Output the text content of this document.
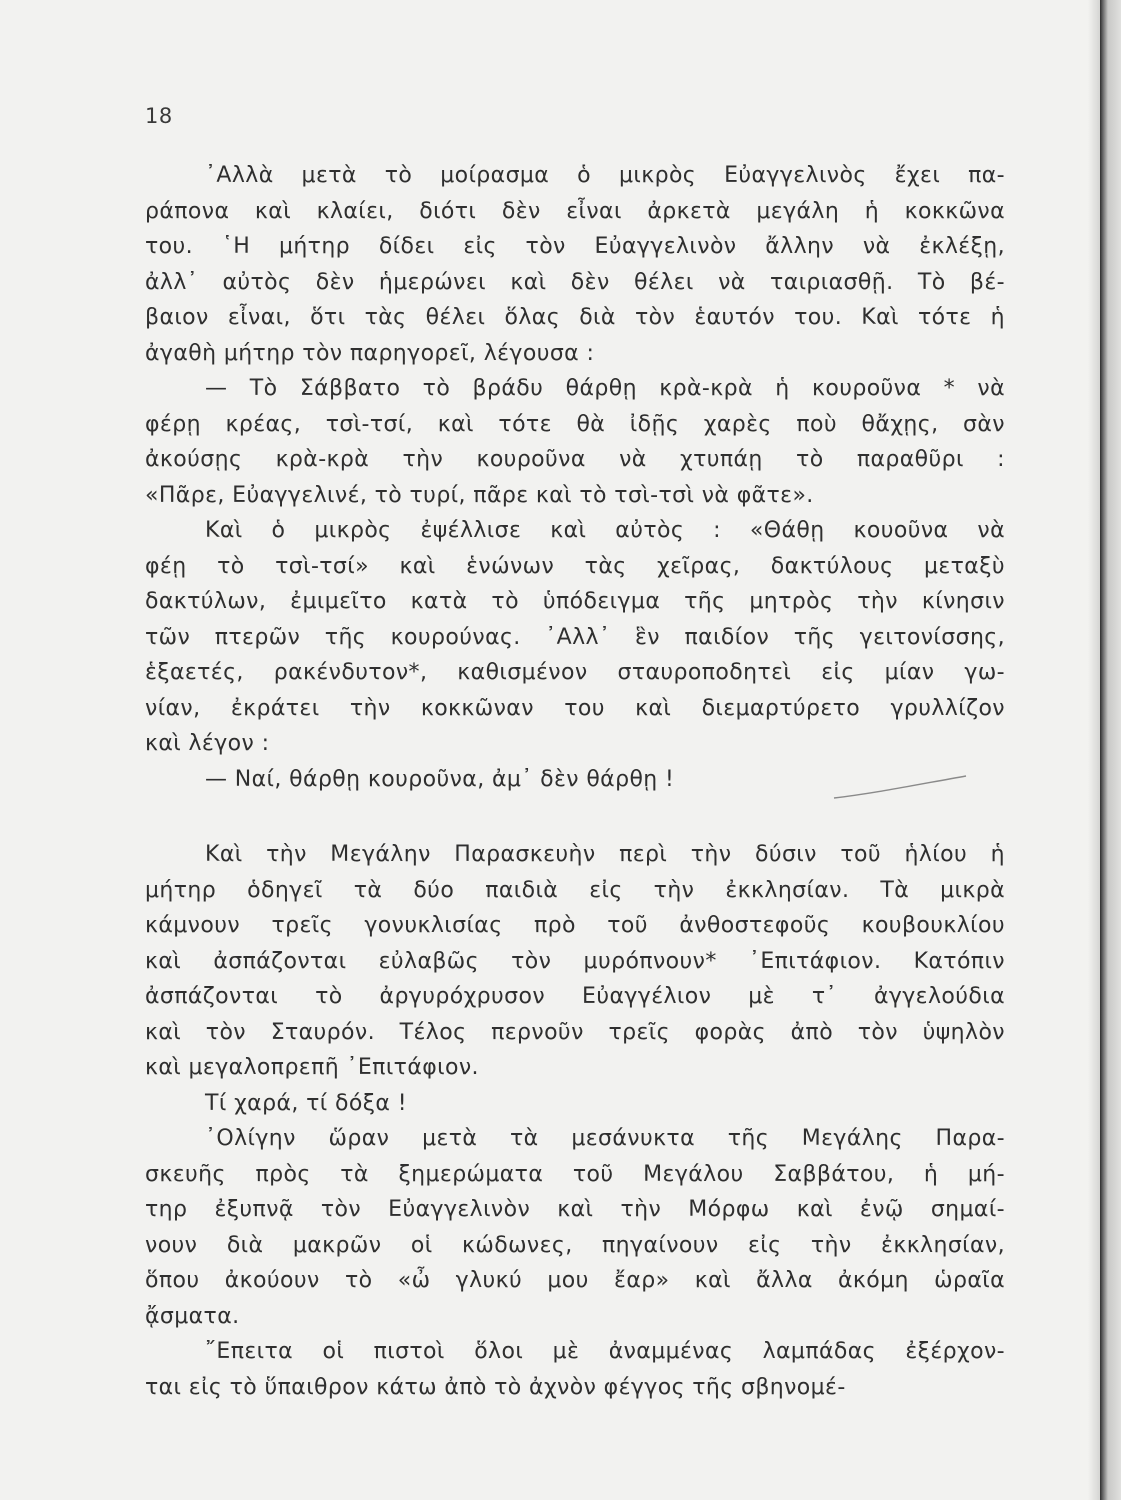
18
᾿Αλλὰ μετὰ τὸ μοίρασμα ὁ μικρὸς Εὐαγγελινὸς ἔχει πα-
ράπονα καὶ κλαίει, διότι δὲν εἶναι ἀρκετὰ μεγάλη ἡ κοκκῶνα
του. ῾Η μήτηρ δίδει εἰς τὸν Εὐαγγελινὸν ἄλλην νὰ ἐκλέξῃ,
ἀλλ᾿ αὐτὸς δὲν ἡμερώνει καὶ δὲν θέλει νὰ ταιριασθῇ. Τὸ βέ-
βαιον εἶναι, ὅτι τὰς θέλει ὅλας διὰ τὸν ἑαυτόν του. Καὶ τότε ἡ
ἀγαθὴ μήτηρ τὸν παρηγορεῖ, λέγουσα :
— Τὸ Σάββατο τὸ βράδυ θάρθῃ κρὰ-κρὰ ἡ κουροῦνα * νὰ
φέρῃ κρέας, τσὶ-τσί, καὶ τότε θὰ ἰδῇς χαρὲς ποὺ θἄχῃς, σὰν
ἀκούσῃς κρὰ-κρὰ τὴν κουροῦνα νὰ χτυπάῃ τὸ παραθῦρι :
«Πᾶρε, Εὐαγγελινέ, τὸ τυρί, πᾶρε καὶ τὸ τσὶ-τσὶ νὰ φᾶτε».
Καὶ ὁ μικρὸς ἐψέλλισε καὶ αὐτὸς : «Θάθῃ κουοῦνα νὰ
φέῃ τὸ τσὶ-τσί» καὶ ἑνώνων τὰς χεῖρας, δακτύλους μεταξὺ
δακτύλων, ἐμιμεῖτο κατὰ τὸ ὑπόδειγμα τῆς μητρὸς τὴν κίνησιν
τῶν πτερῶν τῆς κουρούνας. ᾿Αλλ᾿ ἓν παιδίον τῆς γειτονίσσης,
ἑξαετές, ρακένδυτον*, καθισμένον σταυροποδητεὶ εἰς μίαν γω-
νίαν, ἐκράτει τὴν κοκκῶναν του καὶ διεμαρτύρετο γρυλλίζον
καὶ λέγον :
— Ναί, θάρθῃ κουροῦνα, ἀμ᾿ δὲν θάρθῃ !
Καὶ τὴν Μεγάλην Παρασκευὴν περὶ τὴν δύσιν τοῦ ἡλίου ἡ
μήτηρ ὁδηγεῖ τὰ δύο παιδιὰ εἰς τὴν ἐκκλησίαν. Τὰ μικρὰ
κάμνουν τρεῖς γονυκλισίας πρὸ τοῦ ἀνθοστεφοῦς κουβουκλίου
καὶ ἀσπάζονται εὐλαβῶς τὸν μυρόπνουν* ᾿Επιτάφιον. Κατόπιν
ἀσπάζονται τὸ ἀργυρόχρυσον Εὐαγγέλιον μὲ τ᾿ ἀγγελούδια
καὶ τὸν Σταυρόν. Τέλος περνοῦν τρεῖς φορὰς ἀπὸ τὸν ὑψηλὸν
καὶ μεγαλοπρεπῆ ᾿Επιτάφιον.
Τί χαρά, τί δόξα !
᾿Ολίγην ὥραν μετὰ τὰ μεσάνυκτα τῆς Μεγάλης Παρα-
σκευῆς πρὸς τὰ ξημερώματα τοῦ Μεγάλου Σαββάτου, ἡ μή-
τηρ ἐξυπνᾷ τὸν Εὐαγγελινὸν καὶ τὴν Μόρφω καὶ ἐνῷ σημαί-
νουν διὰ μακρῶν οἱ κώδωνες, πηγαίνουν εἰς τὴν ἐκκλησίαν,
ὅπου ἀκούουν τὸ «ὦ γλυκύ μου ἔαρ» καὶ ἄλλα ἀκόμη ὡραῖα
ᾄσματα.
῎Επειτα οἱ πιστοὶ ὅλοι μὲ ἀναμμένας λαμπάδας ἐξέρχον-
ται εἰς τὸ ὕπαιθρον κάτω ἀπὸ τὸ ἀχνὸν φέγγος τῆς σβηνομέ-
